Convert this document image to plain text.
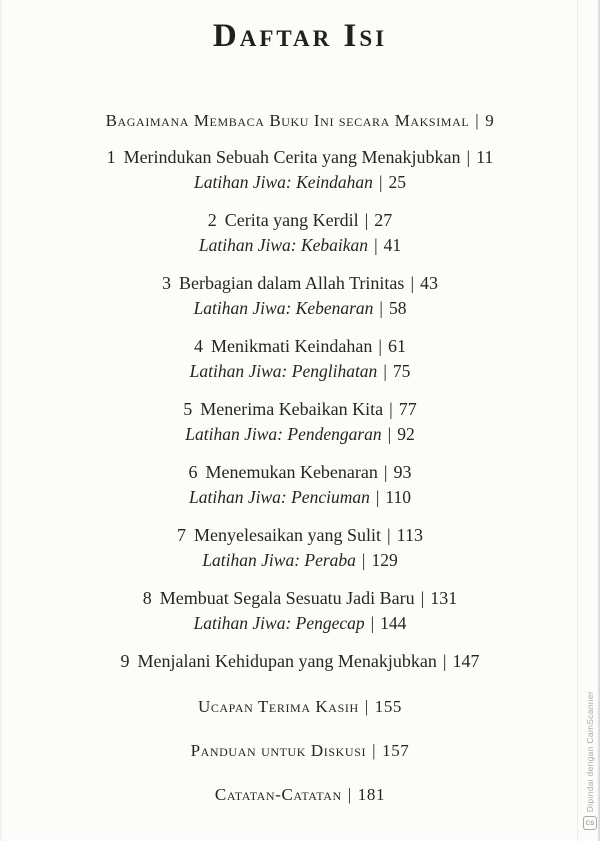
Daftar Isi
Bagaimana Membaca Buku Ini secara Maksimal | 9
1 Merindukan Sebuah Cerita yang Menakjubkan | 11
Latihan Jiwa: Keindahan | 25
2 Cerita yang Kerdil | 27
Latihan Jiwa: Kebaikan | 41
3 Berbagian dalam Allah Trinitas | 43
Latihan Jiwa: Kebenaran | 58
4 Menikmati Keindahan | 61
Latihan Jiwa: Penglihatan | 75
5 Menerima Kebaikan Kita | 77
Latihan Jiwa: Pendengaran | 92
6 Menemukan Kebenaran | 93
Latihan Jiwa: Penciuman | 110
7 Menyelesaikan yang Sulit | 113
Latihan Jiwa: Peraba | 129
8 Membuat Segala Sesuatu Jadi Baru | 131
Latihan Jiwa: Pengecap | 144
9 Menjalani Kehidupan yang Menakjubkan | 147
Ucapan Terima Kasih | 155
Panduan untuk Diskusi | 157
Catatan-Catatan | 181	Dipindai dengan CamScanner
CS
